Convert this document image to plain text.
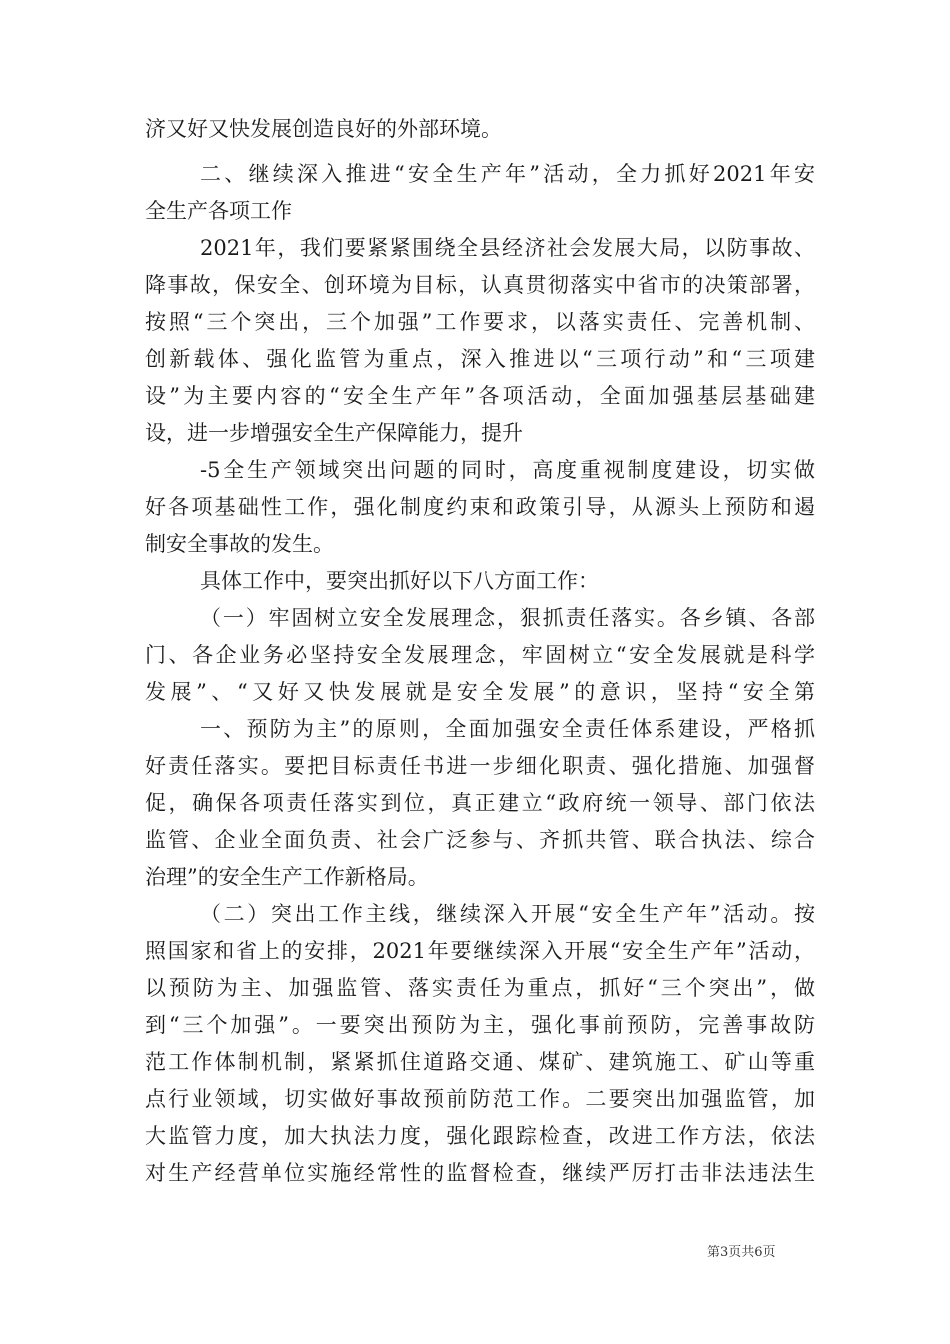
济又好又快发展创造良好的外部环境。
二、继续深入推进“安全生产年”活动，全力抓好2021年安
全生产各项工作
2021年，我们要紧紧围绕全县经济社会发展大局，以防事故、
降事故，保安全、创环境为目标，认真贯彻落实中省市的决策部署，
按照“三个突出，三个加强”工作要求，以落实责任、完善机制、
创新载体、强化监管为重点，深入推进以“三项行动”和“三项建
设”为主要内容的“安全生产年”各项活动，全面加强基层基础建
设，进一步增强安全生产保障能力，提升
-5全生产领域突出问题的同时，高度重视制度建设，切实做
好各项基础性工作，强化制度约束和政策引导，从源头上预防和遏
制安全事故的发生。
具体工作中，要突出抓好以下八方面工作：
（一）牢固树立安全发展理念，狠抓责任落实。各乡镇、各部
门、各企业务必坚持安全发展理念，牢固树立“安全发展就是科学
发展”、“又好又快发展就是安全发展”的意识，坚持“安全第
一、预防为主”的原则，全面加强安全责任体系建设，严格抓
好责任落实。要把目标责任书进一步细化职责、强化措施、加强督
促，确保各项责任落实到位，真正建立“政府统一领导、部门依法
监管、企业全面负责、社会广泛参与、齐抓共管、联合执法、综合
治理”的安全生产工作新格局。
（二）突出工作主线，继续深入开展“安全生产年”活动。按
照国家和省上的安排，2021年要继续深入开展“安全生产年”活动，
以预防为主、加强监管、落实责任为重点，抓好“三个突出”，做
到“三个加强”。一要突出预防为主，强化事前预防，完善事故防
范工作体制机制，紧紧抓住道路交通、煤矿、建筑施工、矿山等重
点行业领域，切实做好事故预前防范工作。二要突出加强监管，加
大监管力度，加大执法力度，强化跟踪检查，改进工作方法，依法
对生产经营单位实施经常性的监督检查，继续严厉打击非法违法生
第3页共6页
